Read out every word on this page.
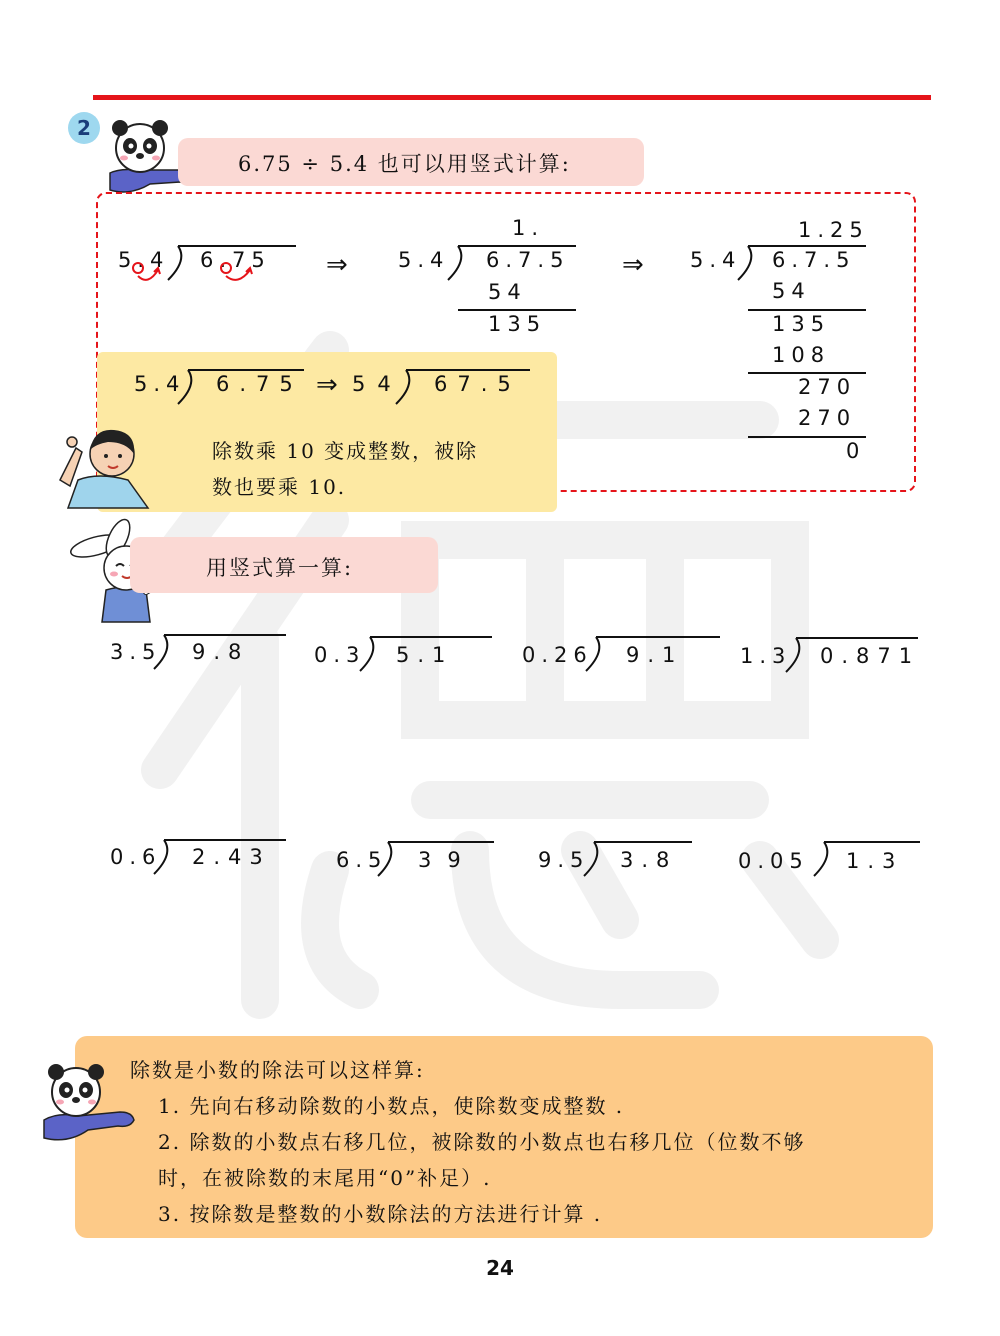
2
6.75 ÷ 5.4 也可以用竖式计算:
5.4 6.75 ⇒
1.
5.4 6.7.5
54
135
⇒
1.25
5.4 6.7.5
54
135
108
270
270
0
5.4 6.75 ⇒ 54 67.5
除数乘 10 变成整数，被除
数也要乘 10.
用竖式算一算:
3.5 9.8	0.3 5.1	0.26 9.1	1.3 0.871
0.6 2.43	6.5 39	9.5 3.8	0.05 1.3
除数是小数的除法可以这样算:
1. 先向右移动除数的小数点，使除数变成整数 .
2. 除数的小数点右移几位，被除数的小数点也右移几位（位数不够
时，在被除数的末尾用“0”补足）.
3. 按除数是整数的小数除法的方法进行计算 .
24
